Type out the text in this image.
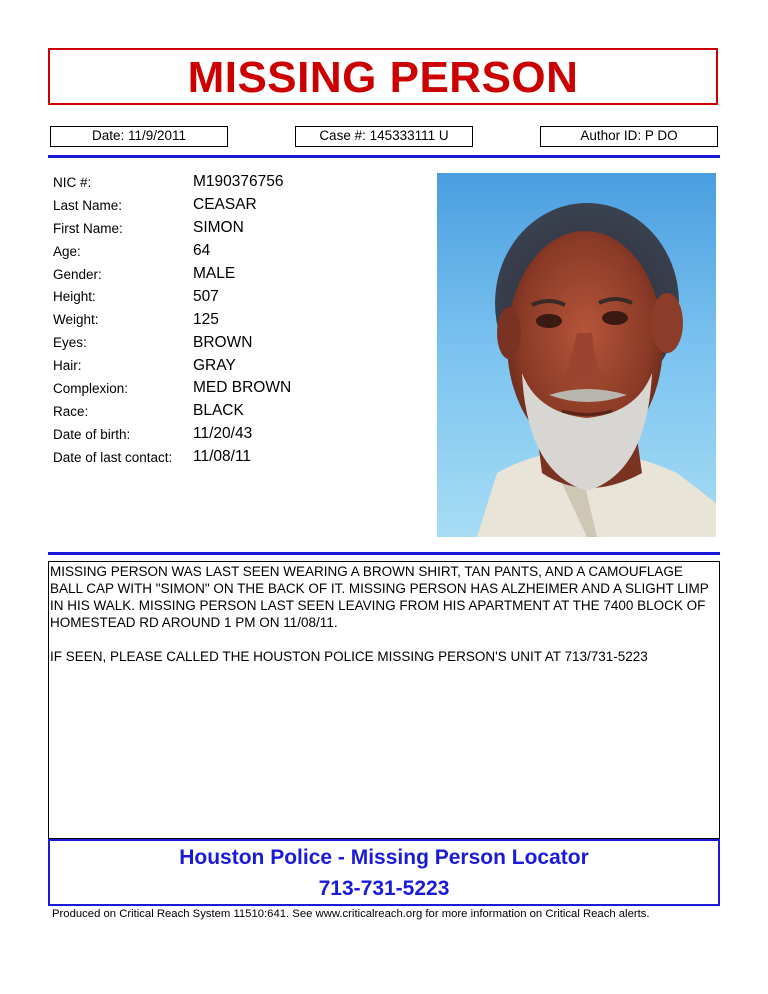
MISSING PERSON
Date: 11/9/2011	Case #: 145333111 U	Author ID: P DO
NIC #:	M190376756
Last Name:	CEASAR
First Name:	SIMON
Age:	64
Gender:	MALE
Height:	507
Weight:	125
Eyes:	BROWN
Hair:	GRAY
Complexion:	MED BROWN
Race:	BLACK
Date of birth:	11/20/43
Date of last contact:	11/08/11

MISSING PERSON WAS LAST SEEN WEARING A BROWN SHIRT, TAN PANTS, AND A CAMOUFLAGE BALL CAP WITH "SIMON" ON THE BACK OF IT. MISSING PERSON HAS ALZHEIMER AND A SLIGHT LIMP IN HIS WALK. MISSING PERSON LAST SEEN LEAVING FROM HIS APARTMENT AT THE 7400 BLOCK OF HOMESTEAD RD AROUND 1 PM ON 11/08/11.

IF SEEN, PLEASE CALLED THE HOUSTON POLICE MISSING PERSON'S UNIT AT 713/731-5223

Houston Police - Missing Person Locator
713-731-5223
Produced on Critical Reach System 11510:641. See www.criticalreach.org for more information on Critical Reach alerts.
